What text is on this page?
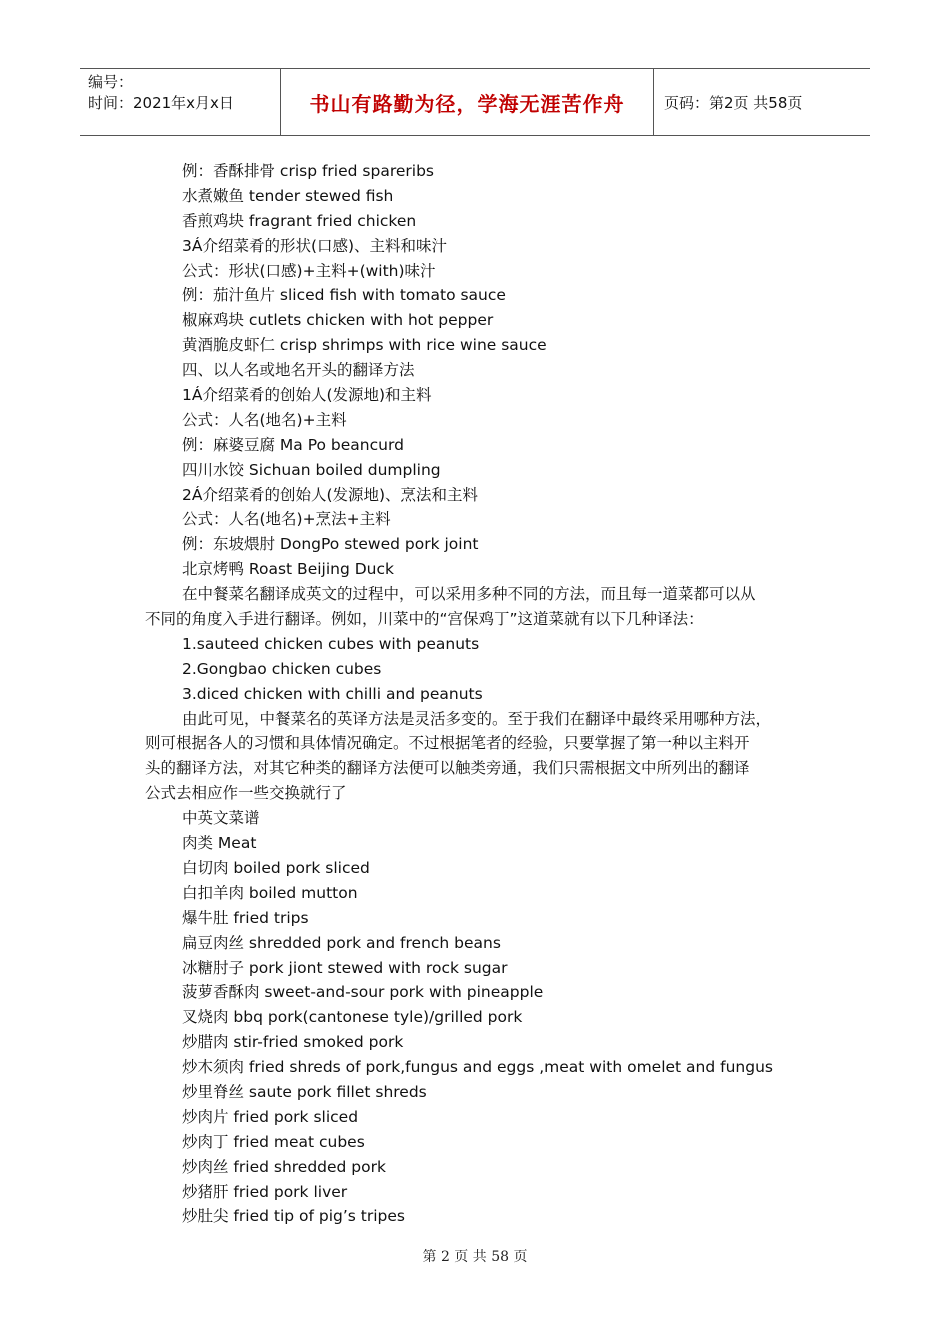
编号：
时间：2021年x月x日	书山有路勤为径，学海无涯苦作舟	页码：第2页 共58页
例：香酥排骨 crisp fried spareribs
水煮嫩鱼 tender stewed fish
香煎鸡块 fragrant fried chicken
3Á介绍菜肴的形状(口感)、主料和味汁
公式：形状(口感)+主料+(with)味汁
例：茄汁鱼片 sliced fish with tomato sauce
椒麻鸡块 cutlets chicken with hot pepper
黄酒脆皮虾仁 crisp shrimps with rice wine sauce
四、以人名或地名开头的翻译方法
1Á介绍菜肴的创始人(发源地)和主料
公式：人名(地名)+主料
例：麻婆豆腐 Ma Po beancurd
四川水饺 Sichuan boiled dumpling
2Á介绍菜肴的创始人(发源地)、烹法和主料
公式：人名(地名)+烹法+主料
例：东坡煨肘 DongPo stewed pork joint
北京烤鸭 Roast Beijing Duck
在中餐菜名翻译成英文的过程中，可以采用多种不同的方法，而且每一道菜都可以从
不同的角度入手进行翻译。例如，川菜中的“宫保鸡丁”这道菜就有以下几种译法：
1.sauteed chicken cubes with peanuts
2.Gongbao chicken cubes
3.diced chicken with chilli and peanuts
由此可见，中餐菜名的英译方法是灵活多变的。至于我们在翻译中最终采用哪种方法，
则可根据各人的习惯和具体情况确定。不过根据笔者的经验，只要掌握了第一种以主料开
头的翻译方法，对其它种类的翻译方法便可以触类旁通，我们只需根据文中所列出的翻译
公式去相应作一些交换就行了
中英文菜谱
肉类 Meat
白切肉 boiled pork sliced
白扣羊肉 boiled mutton
爆牛肚 fried trips
扁豆肉丝 shredded pork and french beans
冰糖肘子 pork jiont stewed with rock sugar
菠萝香酥肉 sweet-and-sour pork with pineapple
叉烧肉 bbq pork(cantonese tyle)/grilled pork
炒腊肉 stir-fried smoked pork
炒木须肉 fried shreds of pork,fungus and eggs ,meat with omelet and fungus
炒里脊丝 saute pork fillet shreds
炒肉片 fried pork sliced
炒肉丁 fried meat cubes
炒肉丝 fried shredded pork
炒猪肝 fried pork liver
炒肚尖 fried tip of pig’s tripes
第 2 页 共 58 页
